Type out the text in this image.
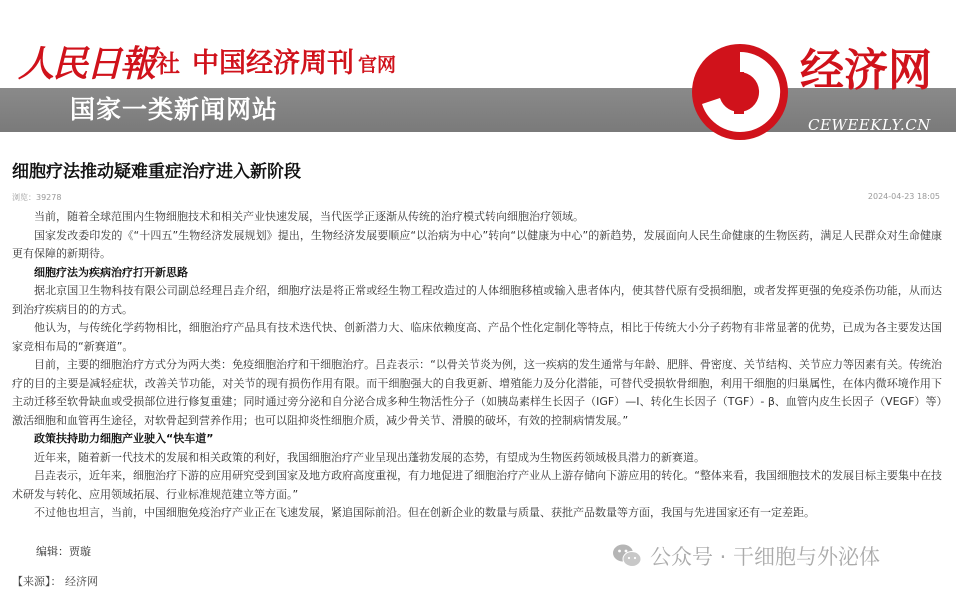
人民日報 社 中国经济周刊 官网
国家一类新闻网站
经济网
CEWEEKLY.CN
细胞疗法推动疑难重症治疗进入新阶段
浏览：39278	2024-04-23 18:05

当前，随着全球范围内生物细胞技术和相关产业快速发展，当代医学正逐渐从传统的治疗模式转向细胞治疗领域。

国家发改委印发的《“十四五”生物经济发展规划》提出，生物经济发展要顺应“以治病为中心”转向“以健康为中心”的新趋势，发展面向人民生命健康的生物医药，满足人民群众对生命健康更有保障的新期待。

细胞疗法为疾病治疗打开新思路

据北京国卫生物科技有限公司副总经理吕垚介绍，细胞疗法是将正常或经生物工程改造过的人体细胞移植或输入患者体内，使其替代原有受损细胞，或者发挥更强的免疫杀伤功能，从而达到治疗疾病目的的方式。

他认为，与传统化学药物相比，细胞治疗产品具有技术迭代快、创新潜力大、临床依赖度高、产品个性化定制化等特点，相比于传统大小分子药物有非常显著的优势，已成为各主要发达国家竞相布局的“新赛道”。

目前，主要的细胞治疗方式分为两大类：免疫细胞治疗和干细胞治疗。吕垚表示：“以骨关节炎为例，这一疾病的发生通常与年龄、肥胖、骨密度、关节结构、关节应力等因素有关。传统治疗的目的主要是减轻症状，改善关节功能，对关节的现有损伤作用有限。而干细胞强大的自我更新、增殖能力及分化潜能，可替代受损软骨细胞，利用干细胞的归巢属性，在体内微环境作用下主动迁移至软骨缺血或受损部位进行修复重建；同时通过旁分泌和自分泌合成多种生物活性分子（如胰岛素样生长因子（IGF）—I、转化生长因子（TGF）- β、血管内皮生长因子（VEGF）等）激活细胞和血管再生途径，对软骨起到营养作用；也可以阻抑炎性细胞介质，减少骨关节、滑膜的破坏，有效的控制病情发展。”

政策扶持助力细胞产业驶入“快车道”

近年来，随着新一代技术的发展和相关政策的利好，我国细胞治疗产业呈现出蓬勃发展的态势，有望成为生物医药领域极具潜力的新赛道。

吕垚表示，近年来，细胞治疗下游的应用研究受到国家及地方政府高度重视，有力地促进了细胞治疗产业从上游存储向下游应用的转化。“整体来看，我国细胞技术的发展目标主要集中在技术研发与转化、应用领域拓展、行业标准规范建立等方面。”

不过他也坦言，当前，中国细胞免疫治疗产业正在飞速发展，紧追国际前沿。但在创新企业的数量与质量、获批产品数量等方面，我国与先进国家还有一定差距。

编辑：贾璇
【来源】： 经济网
公众号 · 干细胞与外泌体
